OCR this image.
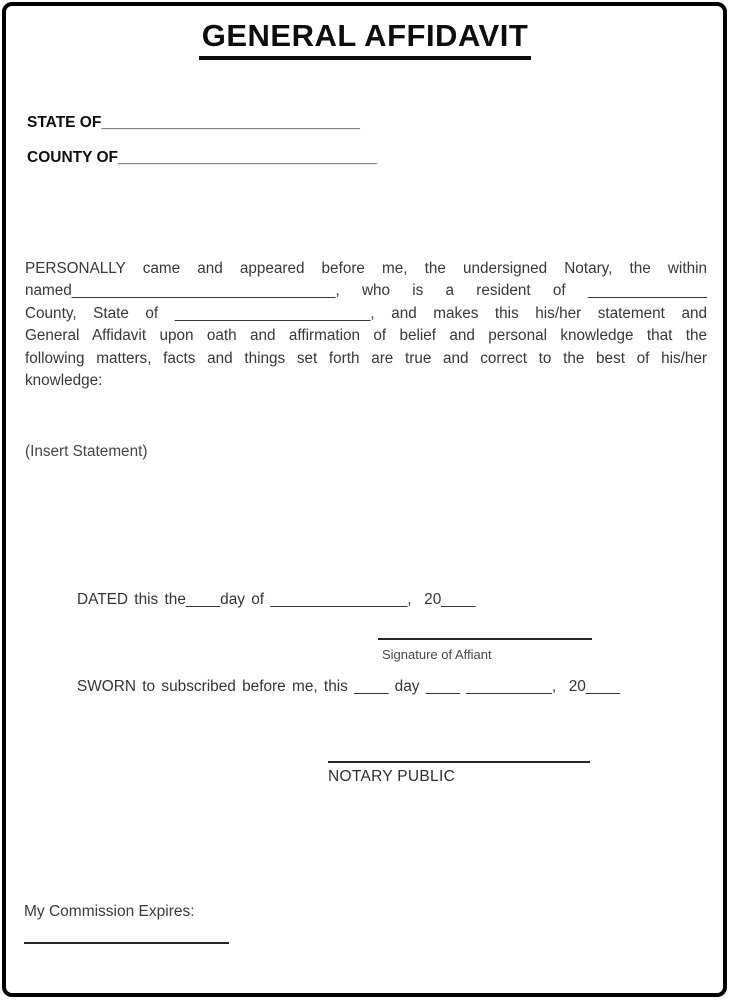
GENERAL AFFIDAVIT
STATE OF______________________________
COUNTY OF______________________________
PERSONALLY came and appeared before me, the undersigned Notary, the within
named_______________________________, who is a resident of ______________
County, State of _______________________, and makes this his/her statement and
General Affidavit upon oath and affirmation of belief and personal knowledge that the
following matters, facts and things set forth are true and correct to the best of his/her
knowledge:
(Insert Statement)
DATED this the____day of ________________,  20____
Signature of Affiant
SWORN to subscribed before me, this ____ day ____ __________,  20____
NOTARY PUBLIC
My Commission Expires:
